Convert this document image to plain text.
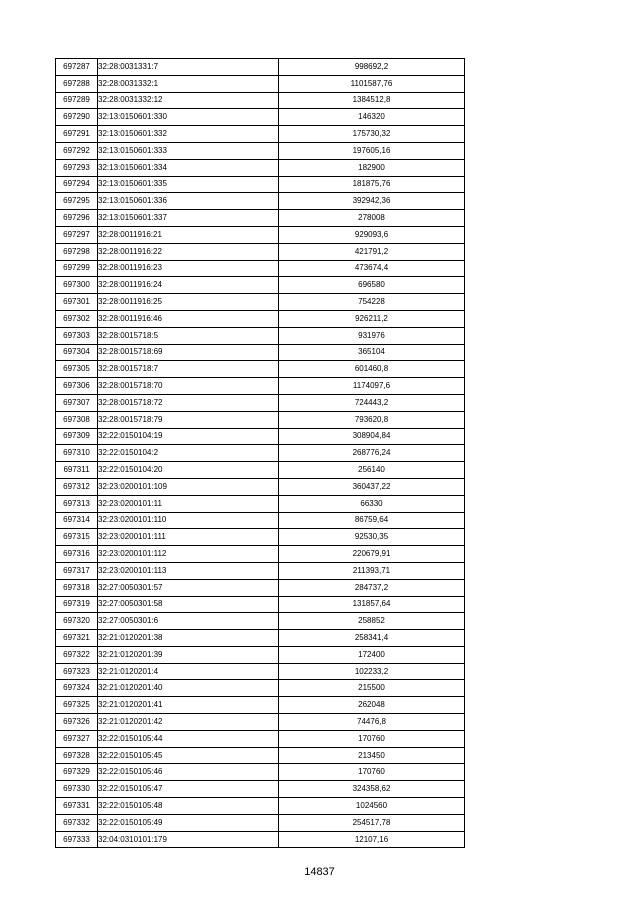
697287	32:28:0031331:7	998692,2
697288	32:28:0031332:1	1101587,76
697289	32:28:0031332:12	1384512,8
697290	32:13:0150601:330	146320
697291	32:13:0150601:332	175730,32
697292	32:13:0150601:333	197605,16
697293	32:13:0150601:334	182900
697294	32:13:0150601:335	181875,76
697295	32:13:0150601:336	392942,36
697296	32:13:0150601:337	278008
697297	32:28:0011916:21	929093,6
697298	32:28:0011916:22	421791,2
697299	32:28:0011916:23	473674,4
697300	32:28:0011916:24	696580
697301	32:28:0011916:25	754228
697302	32:28:0011916:46	926211,2
697303	32:28:0015718:5	931976
697304	32:28:0015718:69	365104
697305	32:28:0015718:7	601460,8
697306	32:28:0015718:70	1174097,6
697307	32:28:0015718:72	724443,2
697308	32:28:0015718:79	793620,8
697309	32:22:0150104:19	308904,84
697310	32:22:0150104:2	268776,24
697311	32:22:0150104:20	256140
697312	32:23:0200101:109	360437,22
697313	32:23:0200101:11	66330
697314	32:23:0200101:110	86759,64
697315	32:23:0200101:111	92530,35
697316	32:23:0200101:112	220679,91
697317	32:23:0200101:113	211393,71
697318	32:27:0050301:57	284737,2
697319	32:27:0050301:58	131857,64
697320	32:27:0050301:6	258852
697321	32:21:0120201:38	258341,4
697322	32:21:0120201:39	172400
697323	32:21:0120201:4	102233,2
697324	32:21:0120201:40	215500
697325	32:21:0120201:41	262048
697326	32:21:0120201:42	74476,8
697327	32:22:0150105:44	170760
697328	32:22:0150105:45	213450
697329	32:22:0150105:46	170760
697330	32:22:0150105:47	324358,62
697331	32:22:0150105:48	1024560
697332	32:22:0150105:49	254517,78
697333	32:04:0310101:179	12107,16
14837
